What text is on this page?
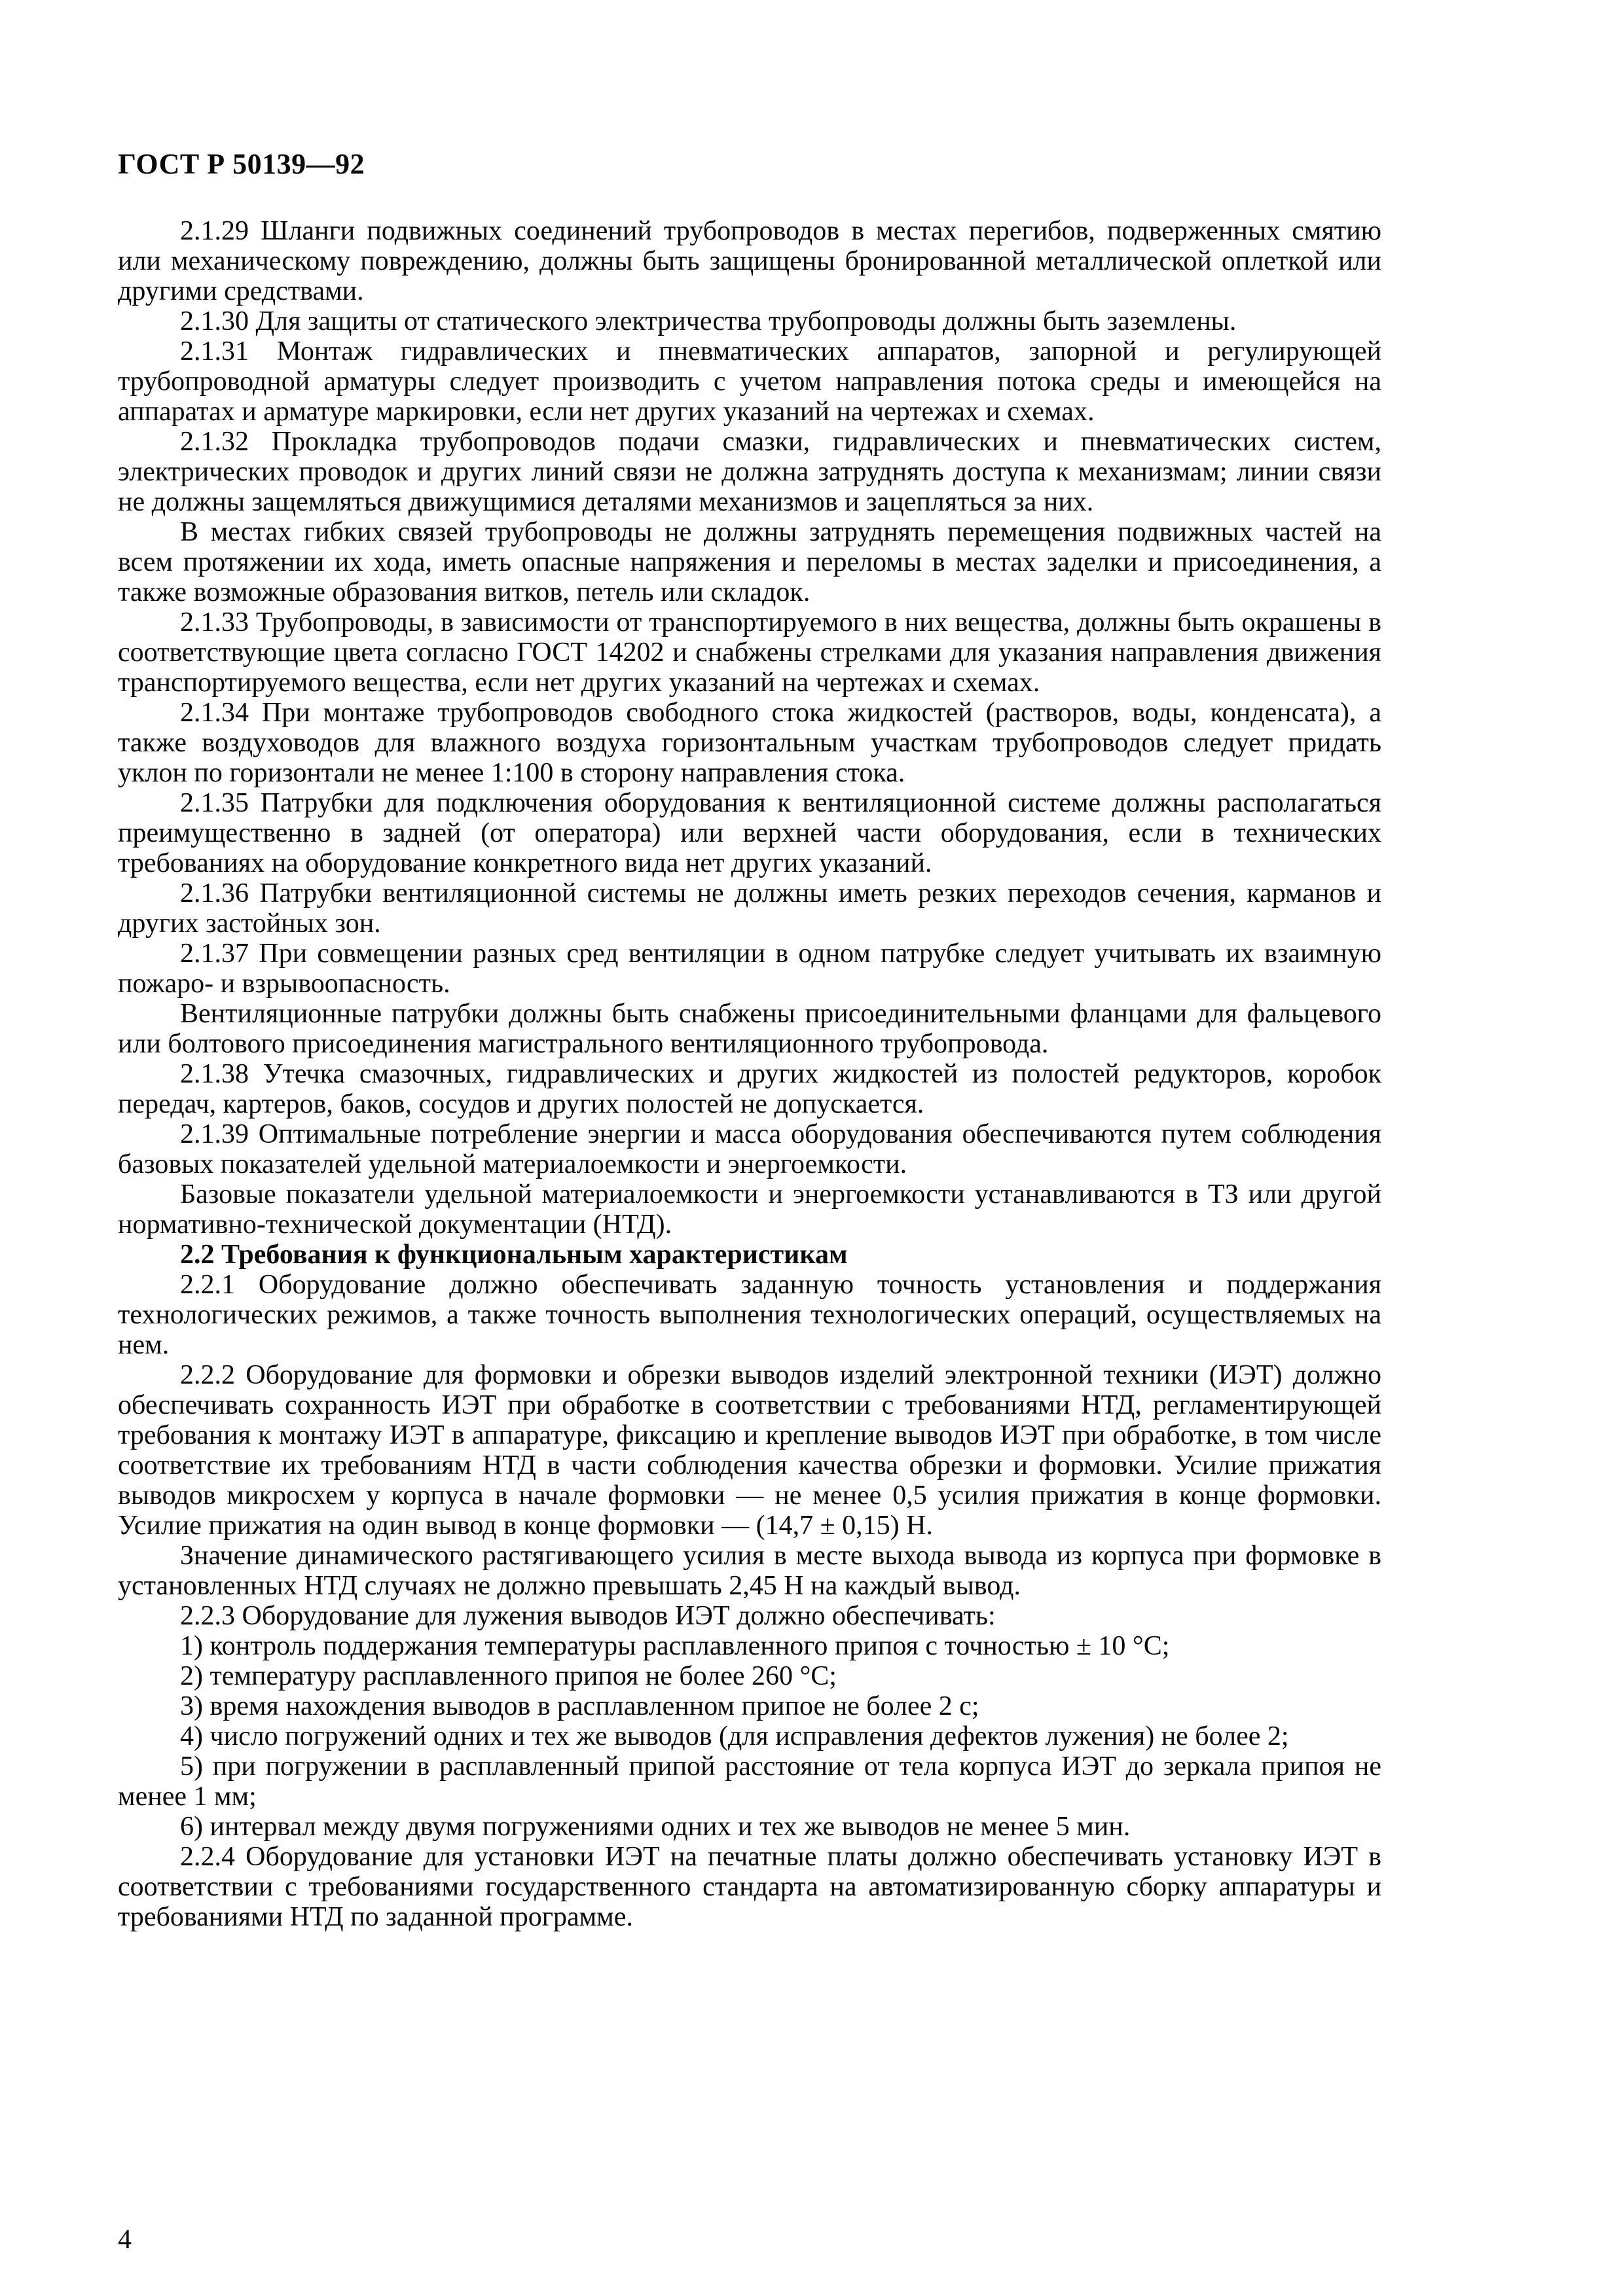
ГОСТ Р 50139—92

2.1.29 Шланги подвижных соединений трубопроводов в местах перегибов, подверженных смятию или механическому повреждению, должны быть защищены бронированной металлической оплеткой или другими средствами.

2.1.30 Для защиты от статического электричества трубопроводы должны быть заземлены.

2.1.31 Монтаж гидравлических и пневматических аппаратов, запорной и регулирующей трубопроводной арматуры следует производить с учетом направления потока среды и имеющейся на аппаратах и арматуре маркировки, если нет других указаний на чертежах и схемах.

2.1.32 Прокладка трубопроводов подачи смазки, гидравлических и пневматических систем, электрических проводок и других линий связи не должна затруднять доступа к механизмам; линии связи не должны защемляться движущимися деталями механизмов и зацепляться за них.

В местах гибких связей трубопроводы не должны затруднять перемещения подвижных частей на всем протяжении их хода, иметь опасные напряжения и переломы в местах заделки и присоединения, а также возможные образования витков, петель или складок.

2.1.33 Трубопроводы, в зависимости от транспортируемого в них вещества, должны быть окрашены в соответствующие цвета согласно ГОСТ 14202 и снабжены стрелками для указания направления движения транспортируемого вещества, если нет других указаний на чертежах и схемах.

2.1.34 При монтаже трубопроводов свободного стока жидкостей (растворов, воды, конденсата), а также воздуховодов для влажного воздуха горизонтальным участкам трубопроводов следует придать уклон по горизонтали не менее 1:100 в сторону направления стока.

2.1.35 Патрубки для подключения оборудования к вентиляционной системе должны располагаться преимущественно в задней (от оператора) или верхней части оборудования, если в технических требованиях на оборудование конкретного вида нет других указаний.

2.1.36 Патрубки вентиляционной системы не должны иметь резких переходов сечения, карманов и других застойных зон.

2.1.37 При совмещении разных сред вентиляции в одном патрубке следует учитывать их взаимную пожаро- и взрывоопасность.

Вентиляционные патрубки должны быть снабжены присоединительными фланцами для фальцевого или болтового присоединения магистрального вентиляционного трубопровода.

2.1.38 Утечка смазочных, гидравлических и других жидкостей из полостей редукторов, коробок передач, картеров, баков, сосудов и других полостей не допускается.

2.1.39 Оптимальные потребление энергии и масса оборудования обеспечиваются путем соблюдения базовых показателей удельной материалоемкости и энергоемкости.

Базовые показатели удельной материалоемкости и энергоемкости устанавливаются в ТЗ или другой нормативно-технической документации (НТД).

2.2 Требования к функциональным характеристикам

2.2.1 Оборудование должно обеспечивать заданную точность установления и поддержания технологических режимов, а также точность выполнения технологических операций, осуществляемых на нем.

2.2.2 Оборудование для формовки и обрезки выводов изделий электронной техники (ИЭТ) должно обеспечивать сохранность ИЭТ при обработке в соответствии с требованиями НТД, регламентирующей требования к монтажу ИЭТ в аппаратуре, фиксацию и крепление выводов ИЭТ при обработке, в том числе соответствие их требованиям НТД в части соблюдения качества обрезки и формовки. Усилие прижатия выводов микросхем у корпуса в начале формовки — не менее 0,5 усилия прижатия в конце формовки. Усилие прижатия на один вывод в конце формовки — (14,7 ± 0,15) Н.

Значение динамического растягивающего усилия в месте выхода вывода из корпуса при формовке в установленных НТД случаях не должно превышать 2,45 Н на каждый вывод.

2.2.3 Оборудование для лужения выводов ИЭТ должно обеспечивать:

1) контроль поддержания температуры расплавленного припоя с точностью ± 10 °С;

2) температуру расплавленного припоя не более 260 °С;

3) время нахождения выводов в расплавленном припое не более 2 с;

4) число погружений одних и тех же выводов (для исправления дефектов лужения) не более 2;

5) при погружении в расплавленный припой расстояние от тела корпуса ИЭТ до зеркала припоя не менее 1 мм;

6) интервал между двумя погружениями одних и тех же выводов не менее 5 мин.

2.2.4 Оборудование для установки ИЭТ на печатные платы должно обеспечивать установку ИЭТ в соответствии с требованиями государственного стандарта на автоматизированную сборку аппаратуры и требованиями НТД по заданной программе.

4
